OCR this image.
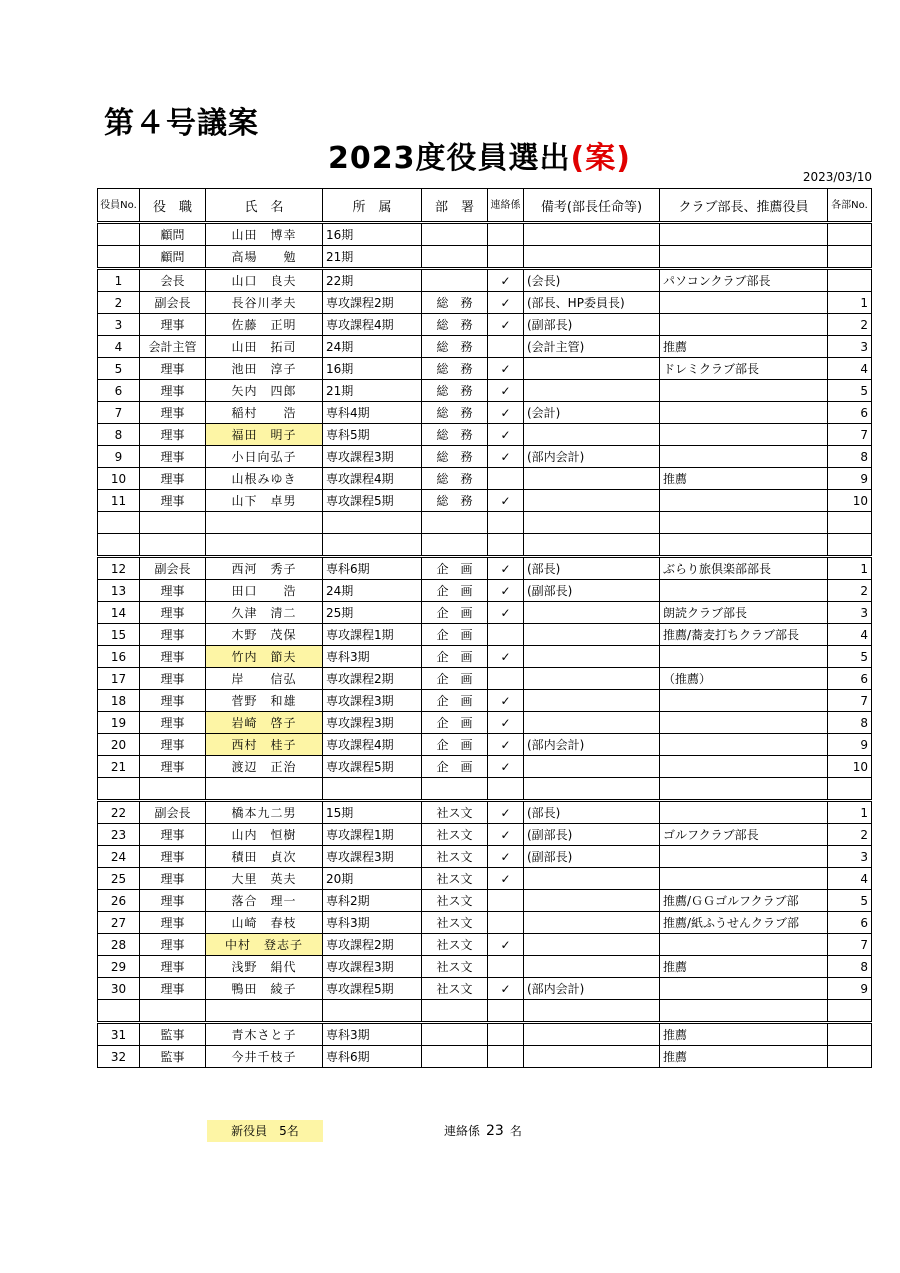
第４号議案
2023度役員選出(案)
2023/03/10
役員No.	役　職	氏　名	所　属	部　署	連絡係	備考(部長任命等)	クラブ部長、推薦役員	各部No.
	顧問	山田　博幸	16期					
	顧問	高場　　勉	21期					
1	会長	山口　良夫	22期		✓	(会長)	パソコンクラブ部長	
2	副会長	長谷川孝夫	専攻課程2期	総　務	✓	(部長、HP委員長)		1
3	理事	佐藤　正明	専攻課程4期	総　務	✓	(副部長)		2
4	会計主管	山田　拓司	24期	総　務		(会計主管)	推薦	3
5	理事	池田　淳子	16期	総　務	✓		ドレミクラブ部長	4
6	理事	矢内　四郎	21期	総　務	✓			5
7	理事	稲村　　浩	専科4期	総　務	✓	(会計)		6
8	理事	福田　明子	専科5期	総　務	✓			7
9	理事	小日向弘子	専攻課程3期	総　務	✓	(部内会計)		8
10	理事	山根みゆき	専攻課程4期	総　務			推薦	9
11	理事	山下　卓男	専攻課程5期	総　務	✓			10

12	副会長	西河　秀子	専科6期	企　画	✓	(部長)	ぶらり旅倶楽部部長	1
13	理事	田口　　浩	24期	企　画	✓	(副部長)		2
14	理事	久津　清二	25期	企　画	✓		朗読クラブ部長	3
15	理事	木野　茂保	専攻課程1期	企　画			推薦/蕎麦打ちクラブ部長	4
16	理事	竹内　節夫	専科3期	企　画	✓			5
17	理事	岸　　信弘	専攻課程2期	企　画			（推薦）	6
18	理事	菅野　和雄	専攻課程3期	企　画	✓			7
19	理事	岩崎　啓子	専攻課程3期	企　画	✓			8
20	理事	西村　桂子	専攻課程4期	企　画	✓	(部内会計)		9
21	理事	渡辺　正治	専攻課程5期	企　画	✓			10

22	副会長	橋本九二男	15期	社ス文	✓	(部長)		1
23	理事	山内　恒樹	専攻課程1期	社ス文	✓	(副部長)	ゴルフクラブ部長	2
24	理事	積田　貞次	専攻課程3期	社ス文	✓	(副部長)		3
25	理事	大里　英夫	20期	社ス文	✓			4
26	理事	落合　理一	専科2期	社ス文			推薦/ＧＧゴルフクラブ部	5
27	理事	山崎　春枝	専科3期	社ス文			推薦/紙ふうせんクラブ部	6
28	理事	中村　登志子	専攻課程2期	社ス文	✓			7
29	理事	浅野　絹代	専攻課程3期	社ス文			推薦	8
30	理事	鴨田　綾子	専攻課程5期	社ス文	✓	(部内会計)		9

31	監事	青木さと子	専科3期				推薦	
32	監事	今井千枝子	専科6期				推薦	
新役員　5名	連絡係 23 名
